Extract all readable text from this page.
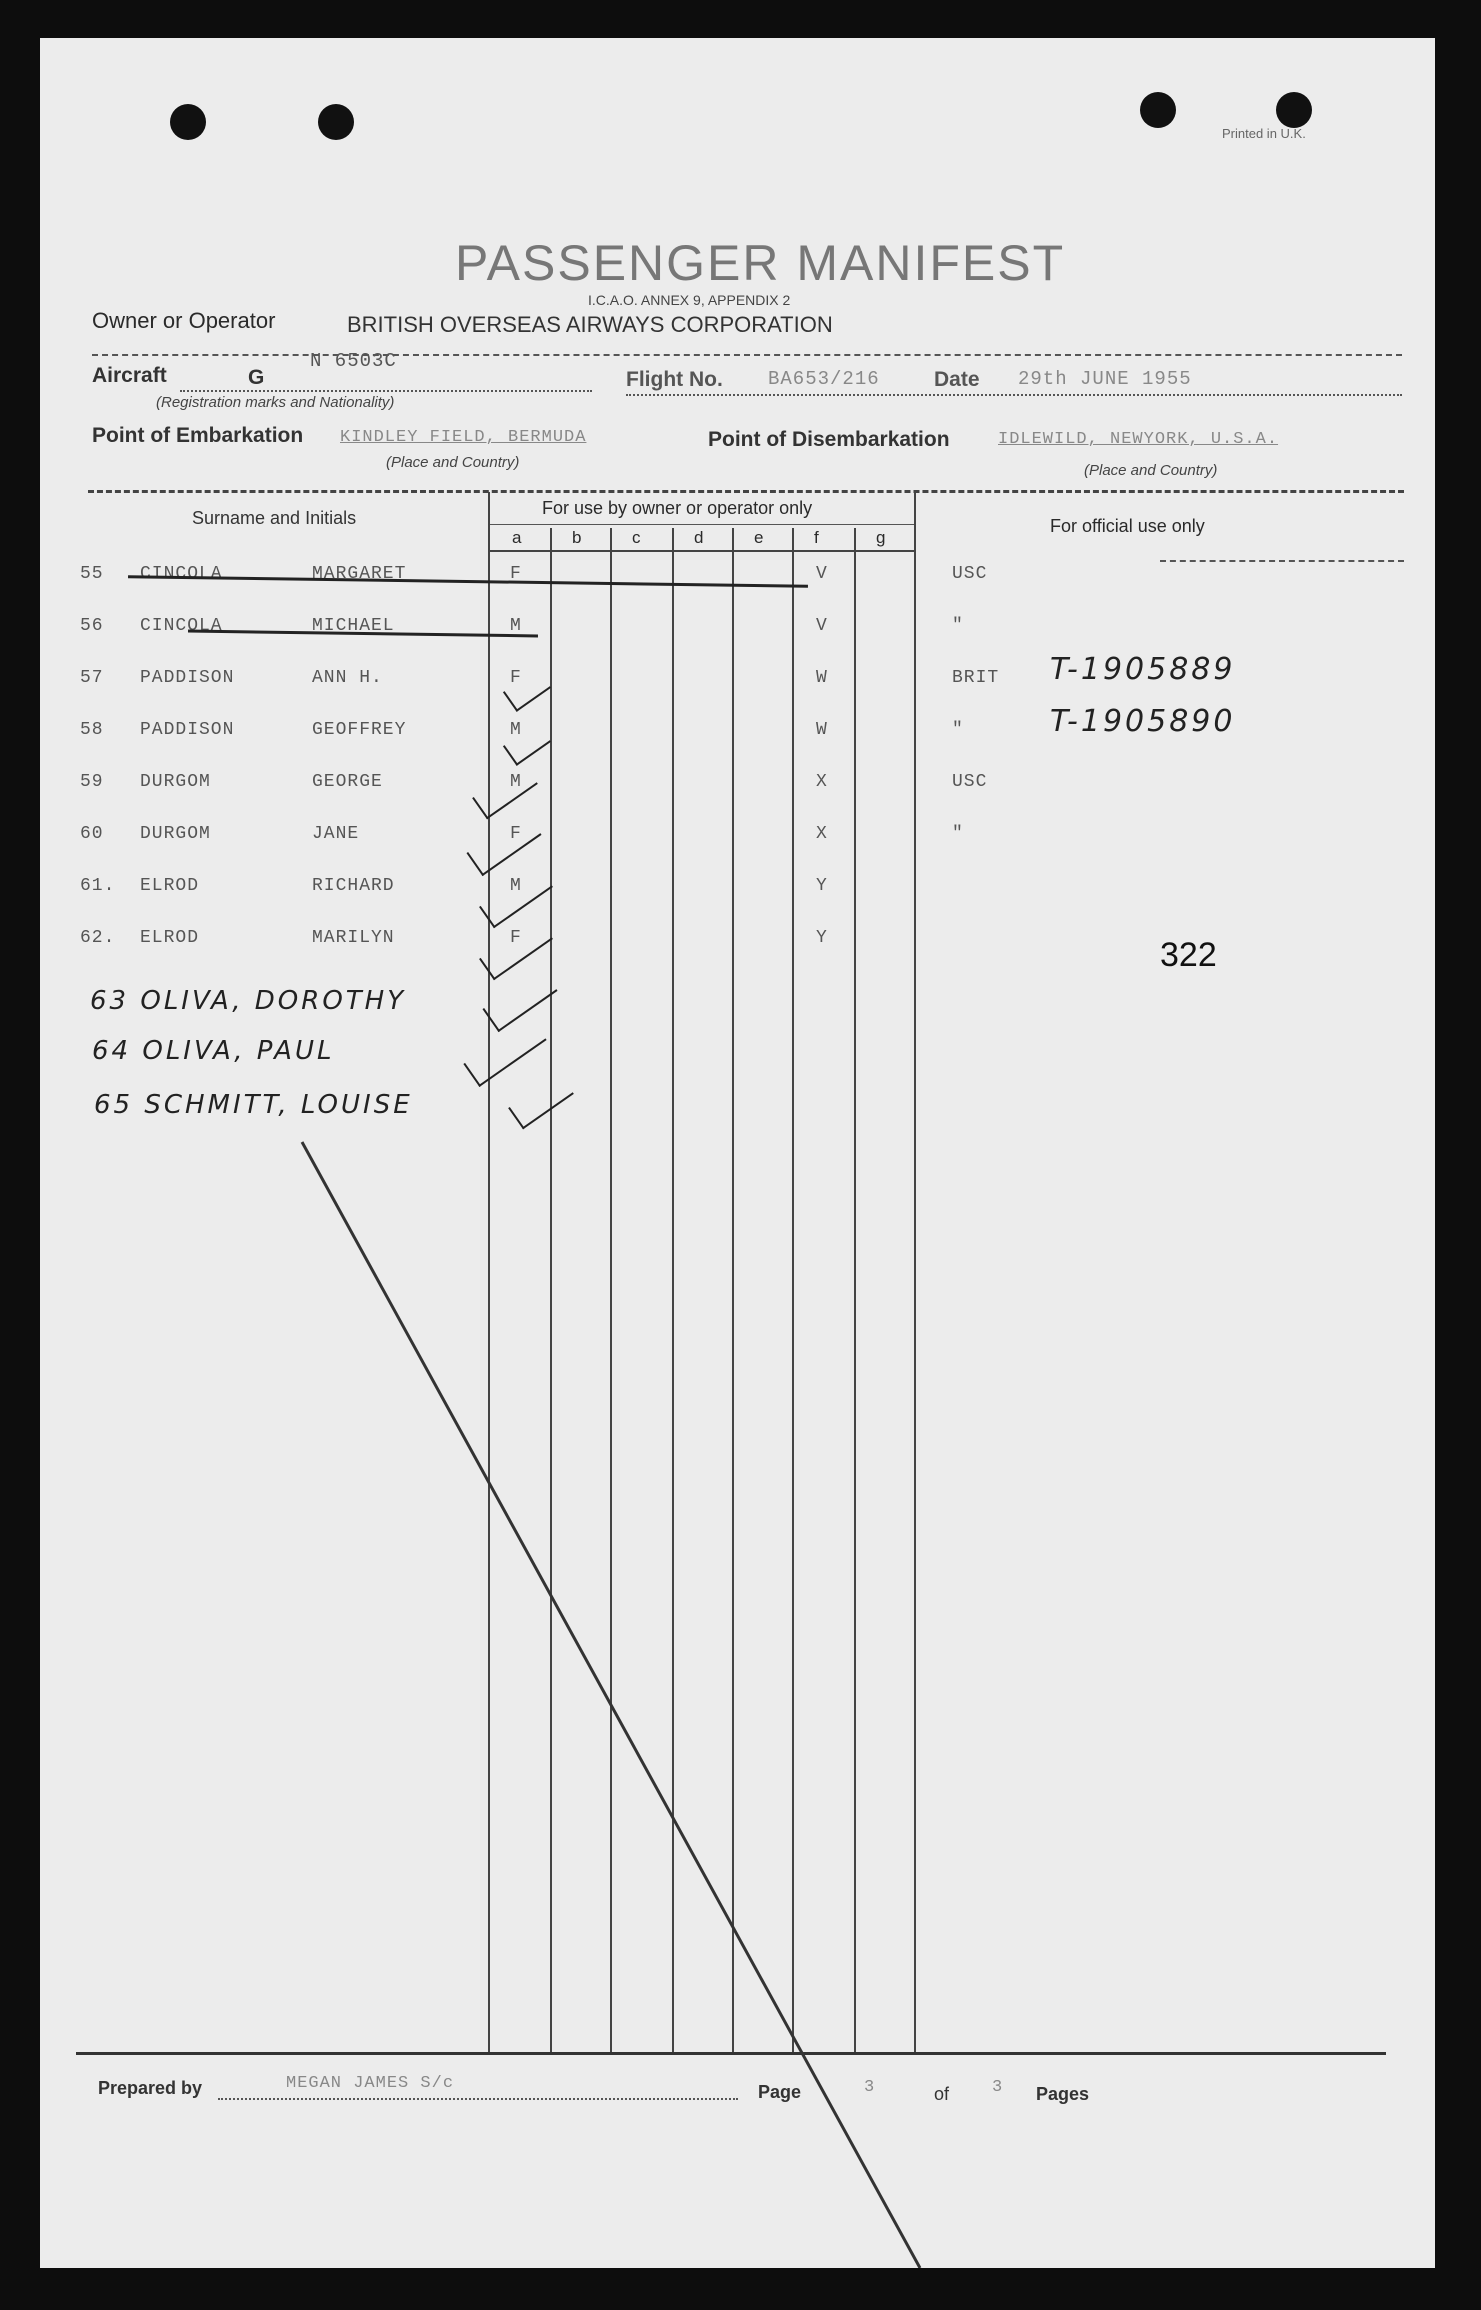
Printed in U.K.
PASSENGER MANIFEST
I.C.A.O. ANNEX 9, APPENDIX 2
Owner or Operator	BRITISH OVERSEAS AIRWAYS CORPORATION
Aircraft	G
N 6503C
(Registration marks and Nationality)
Flight No. BA653/216	Date 29th JUNE 1955
Point of Embarkation KINDLEY FIELD, BERMUDA
(Place and Country)
Point of Disembarkation	IDLEWILD, NEWYORK, U.S.A.
(Place and Country)
Surname and Initials	For use by owner or operator only
For official use only
a	b	c	d	e	f	g
55 CINCOLA	MARGARET	F	V	USC
56 CINCOLA	MICHAEL	M	V	"
57 PADDISON	ANN H.	F	W	BRIT T-1905889
58 PADDISON	GEOFFREY	M	W	"	T-1905890
59 DURGOM	GEORGE	M	X	USC
60 DURGOM	JANE	F	X	"
61. ELROD	RICHARD	M	Y
62. ELROD	MARILYN	F	Y
63 OLIVA, DOROTHY
64 OLIVA, PAUL
65 SCHMITT, LOUISE
322
Prepared by	MEGAN JAMES S/c	Page	3	of	3 Pages
